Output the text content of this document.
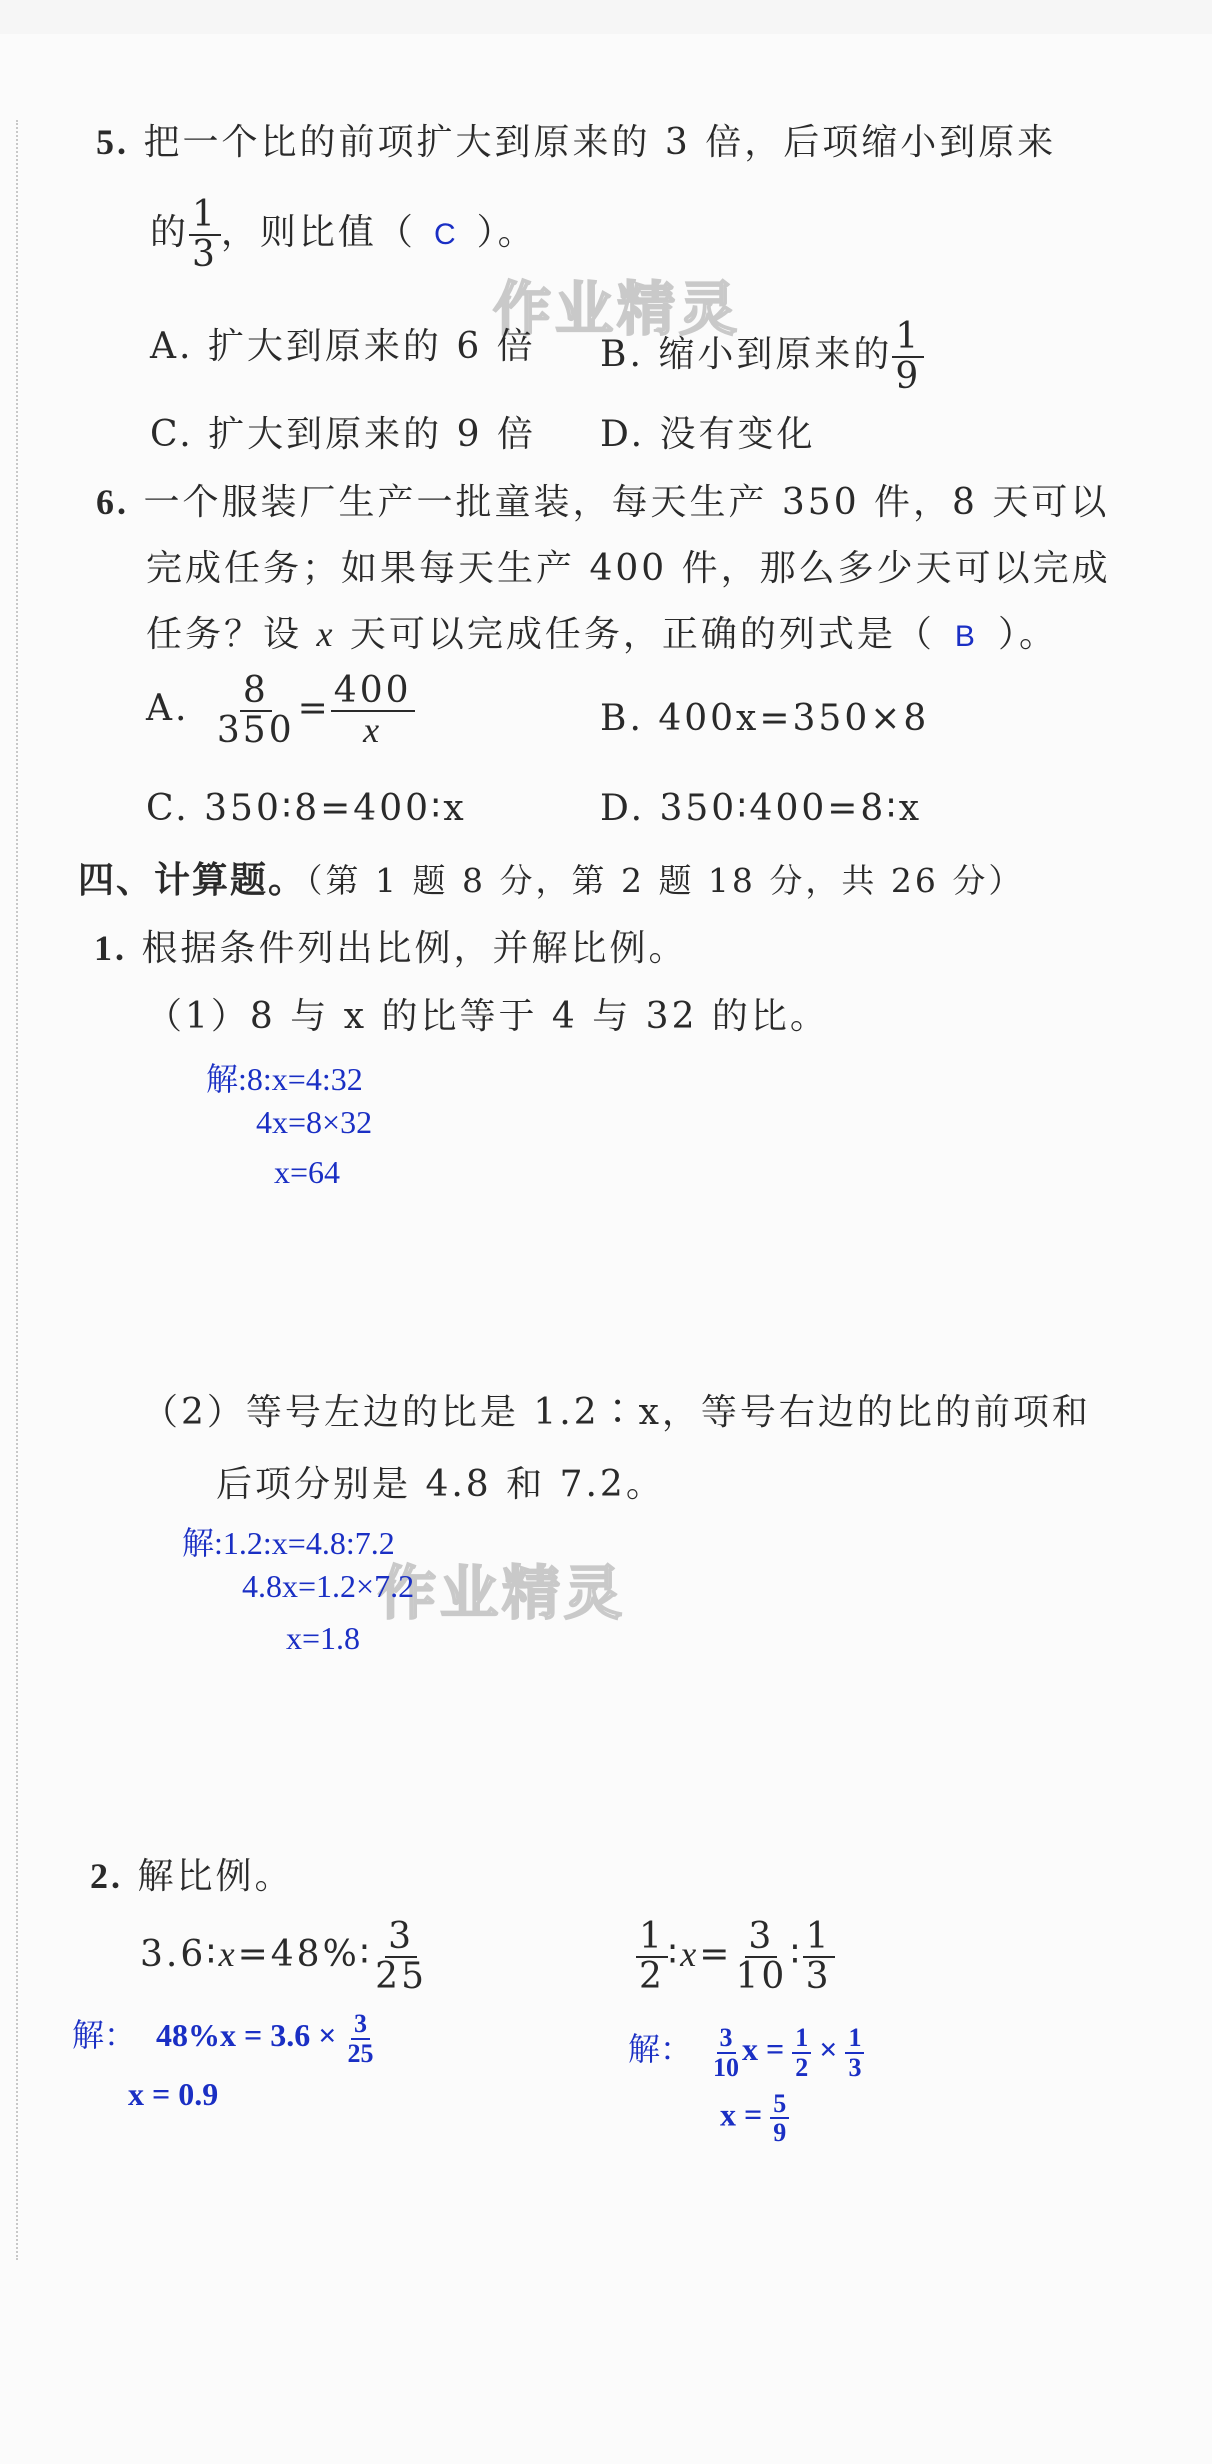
作业精灵
作业精灵
5. 把一个比的前项扩大到原来的 3 倍，后项缩小到原来
的 $\frac{1}{3}$ ，则比值（ C ）。
A. 扩大到原来的 6 倍 B. 缩小到原来的 $\frac{1}{9}$
C. 扩大到原来的 9 倍 D. 没有变化
6. 一个服装厂生产一批童装，每天生产 350 件，8 天可以
完成任务；如果每天生产 400 件，那么多少天可以完成
任务？设 x 天可以完成任务，正确的列式是（ B ）。
A. $\frac{8}{350} = \frac{400}{x}$	B. 400x=350×8
C. 350∶8=400∶x	D. 350∶400=8∶x
四、计算题。（第 1 题 8 分，第 2 题 18 分，共 26 分）
1. 根据条件列出比例，并解比例。
（1）8 与 x 的比等于 4 与 32 的比。
解:8:x=4:32
4x=8×32
x=64
（2）等号左边的比是 1.2∶x，等号右边的比的前项和
后项分别是 4.8 和 7.2。
解:1.2:x=4.8:7.2
4.8x=1.2×7.2
x=1.8
2. 解比例。
3.6∶x=48%∶ $\frac{3}{25}$	$\frac{1}{2}$ ∶x= $\frac{3}{10}$ ∶ $\frac{1}{3}$
解： $48\%x = 3.6 \times \frac{3}{25}$
x = 0.9
解： $\frac{3}{10}$ $x = \frac{1}{2} \times \frac{1}{3}$
$x = \frac{5}{9}$
